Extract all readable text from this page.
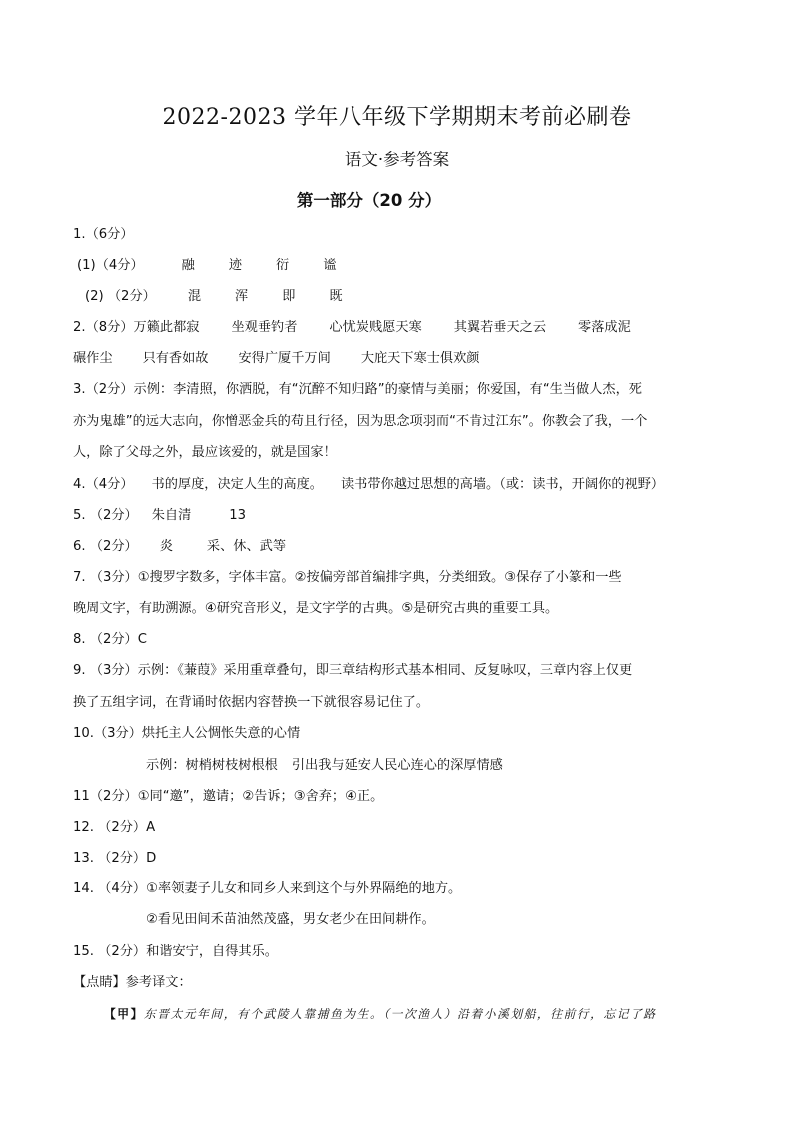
2022-2023 学年八年级下学期期末考前必刷卷
语文·参考答案
第一部分（20 分）
1.（6分）
(1)（4分）	融	迹	衍	谧
(2) （2分） 混	浑	即	既
2.（8分）万籁此都寂 坐观垂钓者 心忧炭贱愿天寒 其翼若垂天之云 零落成泥
碾作尘 只有香如故 安得广厦千万间 大庇天下寒士俱欢颜
3.（2分）示例：李清照，你洒脱，有“沉醉不知归路”的豪情与美丽；你爱国，有“生当做人杰，死
亦为鬼雄”的远大志向，你憎恶金兵的苟且行径，因为思念项羽而“不肯过江东”。你教会了我，一个
人，除了父母之外，最应该爱的，就是国家！
4.（4分） 书的厚度，决定人生的高度。 读书带你越过思想的高墙。（或：读书，开阔你的视野）
5. （2分） 朱自清	13
6. （2分） 炎	采、休、武等
7. （3分）①搜罗字数多，字体丰富。②按偏旁部首编排字典，分类细致。③保存了小篆和一些
晚周文字，有助溯源。④研究音形义，是文字学的古典。⑤是研究古典的重要工具。
8. （2分）C
9. （3分）示例：《蒹葭》采用重章叠句，即三章结构形式基本相同、反复咏叹，三章内容上仅更
换了五组字词，在背诵时依据内容替换一下就很容易记住了。
10.（3分）烘托主人公惆怅失意的心情
示例：树梢树枝树根根 引出我与延安人民心连心的深厚情感
11（2分）①同“邀”，邀请；②告诉；③舍弃；④正。
12. （2分）A
13. （2分）D
14. （4分）①率领妻子儿女和同乡人来到这个与外界隔绝的地方。
②看见田间禾苗油然茂盛，男女老少在田间耕作。
15. （2分）和谐安宁，自得其乐。
【点睛】参考译文：
【甲】东晋太元年间，有个武陵人靠捕鱼为生。（一次渔人）沿着小溪划船，往前行，忘记了路
